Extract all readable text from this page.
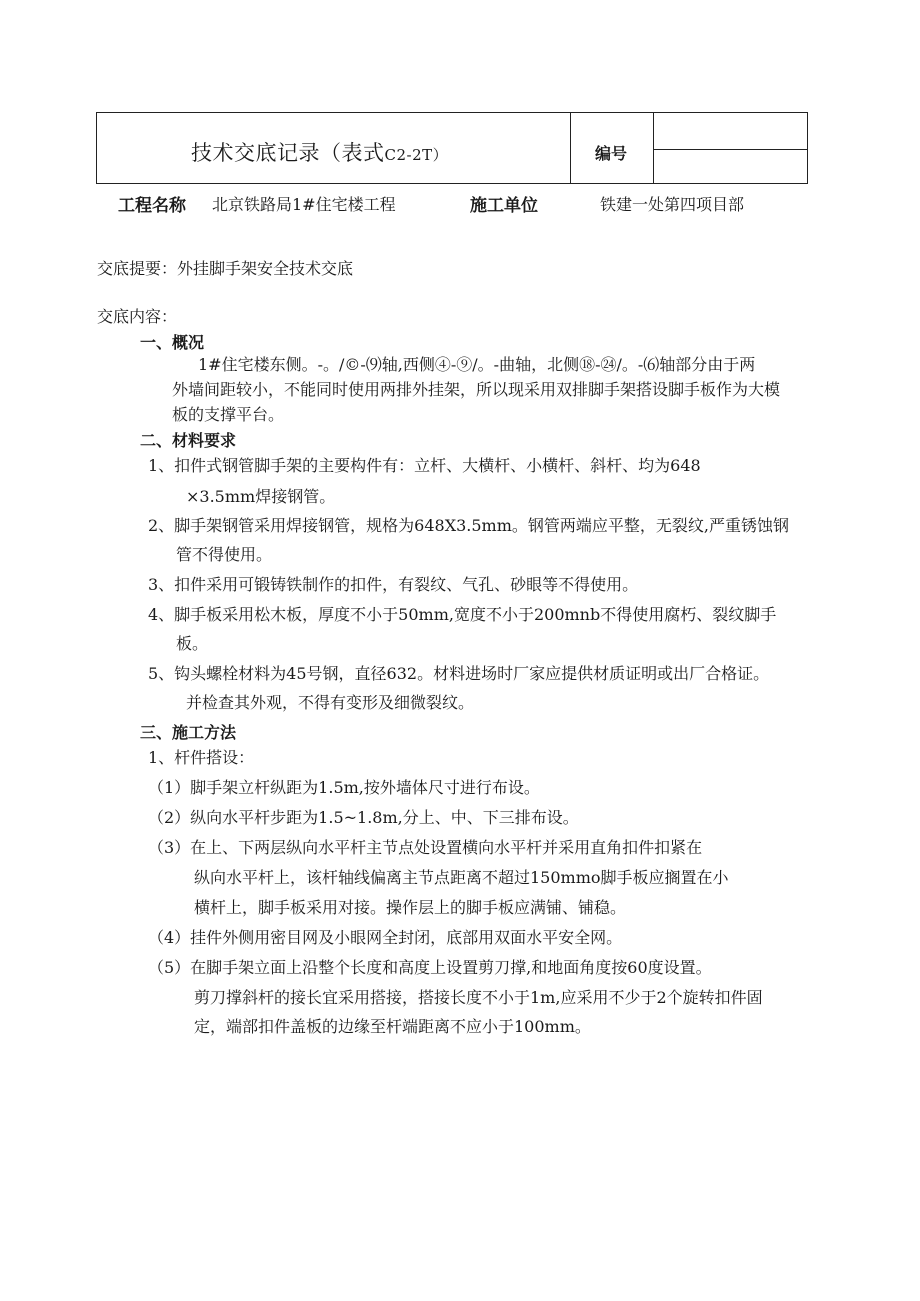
技术交底记录（表式C2-2T）	编号
工程名称 北京铁路局1#住宅楼工程	施工单位	铁建一处第四项目部
交底提要：外挂脚手架安全技术交底
交底内容：
一、概况
1#住宅楼东侧。-。/©-⑼轴,西侧④-⑨/。-曲轴，北侧⑱-㉔/。-⑹轴部分由于两
外墙间距较小，不能同时使用两排外挂架，所以现采用双排脚手架搭设脚手板作为大模
板的支撑平台。
二、材料要求
1、扣件式钢管脚手架的主要构件有：立杆、大横杆、小横杆、斜杆、均为648
×3.5mm焊接钢管。
2、脚手架钢管采用焊接钢管，规格为648X3.5mm。钢管两端应平整，无裂纹,严重锈蚀钢
管不得使用。
3、扣件采用可锻铸铁制作的扣件，有裂纹、气孔、砂眼等不得使用。
4、脚手板采用松木板，厚度不小于50mm,宽度不小于200mnb不得使用腐朽、裂纹脚手
板。
5、钩头螺栓材料为45号钢，直径632。材料进场时厂家应提供材质证明或出厂合格证。
并检查其外观，不得有变形及细微裂纹。
三、施工方法
1、杆件搭设：
（1）脚手架立杆纵距为1.5m,按外墙体尺寸进行布设。
（2）纵向水平杆步距为1.5~1.8m,分上、中、下三排布设。
（3）在上、下两层纵向水平杆主节点处设置横向水平杆并采用直角扣件扣紧在
纵向水平杆上，该杆轴线偏离主节点距离不超过150mmo脚手板应搁置在小
横杆上，脚手板采用对接。操作层上的脚手板应满铺、铺稳。
（4）挂件外侧用密目网及小眼网全封闭，底部用双面水平安全网。
（5）在脚手架立面上沿整个长度和高度上设置剪刀撑,和地面角度按60度设置。
剪刀撑斜杆的接长宜采用搭接，搭接长度不小于1m,应采用不少于2个旋转扣件固
定，端部扣件盖板的边缘至杆端距离不应小于100mm。
